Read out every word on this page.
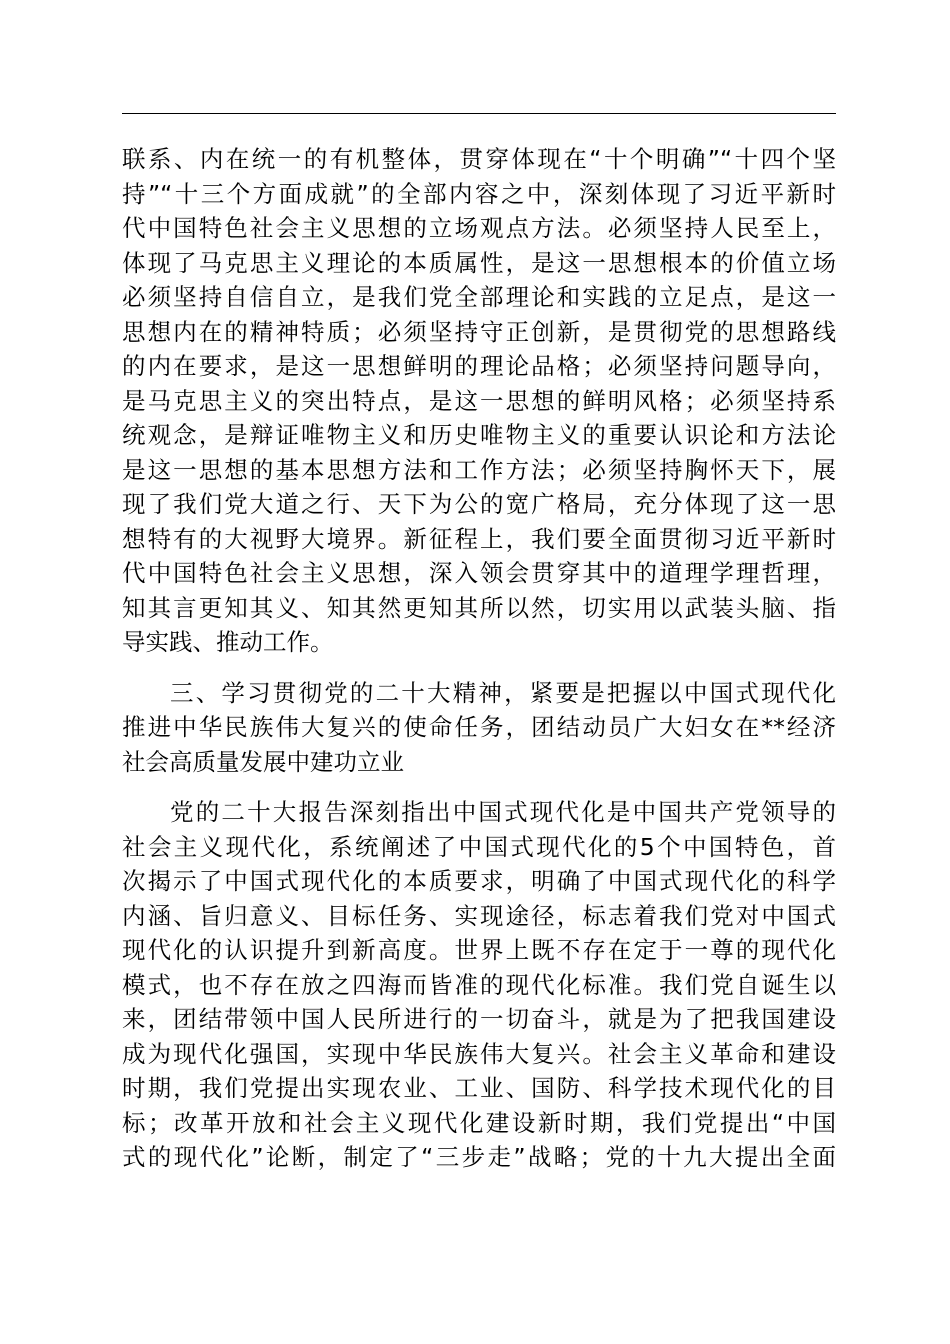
联系、内在统一的有机整体，贯穿体现在“十个明确”“十四个坚
持”“十三个方面成就”的全部内容之中，深刻体现了习近平新时
代中国特色社会主义思想的立场观点方法。必须坚持人民至上，
体现了马克思主义理论的本质属性，是这一思想根本的价值立场
必须坚持自信自立，是我们党全部理论和实践的立足点，是这一
思想内在的精神特质；必须坚持守正创新，是贯彻党的思想路线
的内在要求，是这一思想鲜明的理论品格；必须坚持问题导向，
是马克思主义的突出特点，是这一思想的鲜明风格；必须坚持系
统观念，是辩证唯物主义和历史唯物主义的重要认识论和方法论
是这一思想的基本思想方法和工作方法；必须坚持胸怀天下，展
现了我们党大道之行、天下为公的宽广格局，充分体现了这一思
想特有的大视野大境界。新征程上，我们要全面贯彻习近平新时
代中国特色社会主义思想，深入领会贯穿其中的道理学理哲理，
知其言更知其义、知其然更知其所以然，切实用以武装头脑、指
导实践、推动工作。
三、学习贯彻党的二十大精神，紧要是把握以中国式现代化
推进中华民族伟大复兴的使命任务，团结动员广大妇女在**经济
社会高质量发展中建功立业
党的二十大报告深刻指出中国式现代化是中国共产党领导的
社会主义现代化，系统阐述了中国式现代化的5个中国特色，首
次揭示了中国式现代化的本质要求，明确了中国式现代化的科学
内涵、旨归意义、目标任务、实现途径，标志着我们党对中国式
现代化的认识提升到新高度。世界上既不存在定于一尊的现代化
模式，也不存在放之四海而皆准的现代化标准。我们党自诞生以
来，团结带领中国人民所进行的一切奋斗，就是为了把我国建设
成为现代化强国，实现中华民族伟大复兴。社会主义革命和建设
时期，我们党提出实现农业、工业、国防、科学技术现代化的目
标；改革开放和社会主义现代化建设新时期，我们党提出“中国
式的现代化”论断，制定了“三步走”战略；党的十九大提出全面
